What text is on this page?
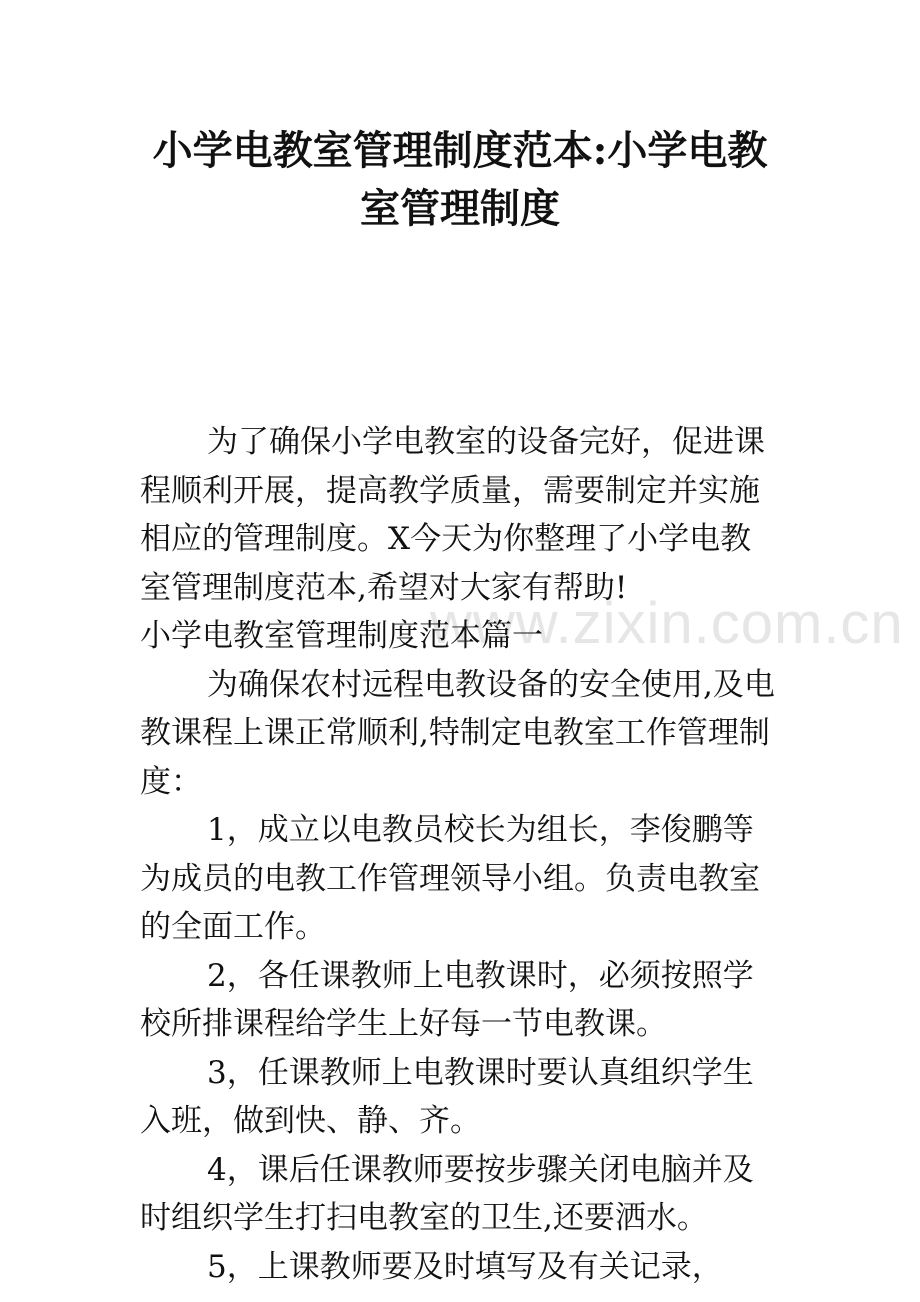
www.zixin.com.cn
小学电教室管理制度范本:小学电教
室管理制度

为了确保小学电教室的设备完好，促进课程顺利开展，提高教学质量，需要制定并实施相应的管理制度。X今天为你整理了小学电教室管理制度范本,希望对大家有帮助!

小学电教室管理制度范本篇一

为确保农村远程电教设备的安全使用,及电教课程上课正常顺利,特制定电教室工作管理制度：

1，成立以电教员校长为组长，李俊鹏等为成员的电教工作管理领导小组。负责电教室的全面工作。

2，各任课教师上电教课时，必须按照学校所排课程给学生上好每一节电教课。

3，任课教师上电教课时要认真组织学生入班，做到快、静、齐。

4，课后任课教师要按步骤关闭电脑并及时组织学生打扫电教室的卫生,还要洒水。

5，上课教师要及时填写及有关记录，
